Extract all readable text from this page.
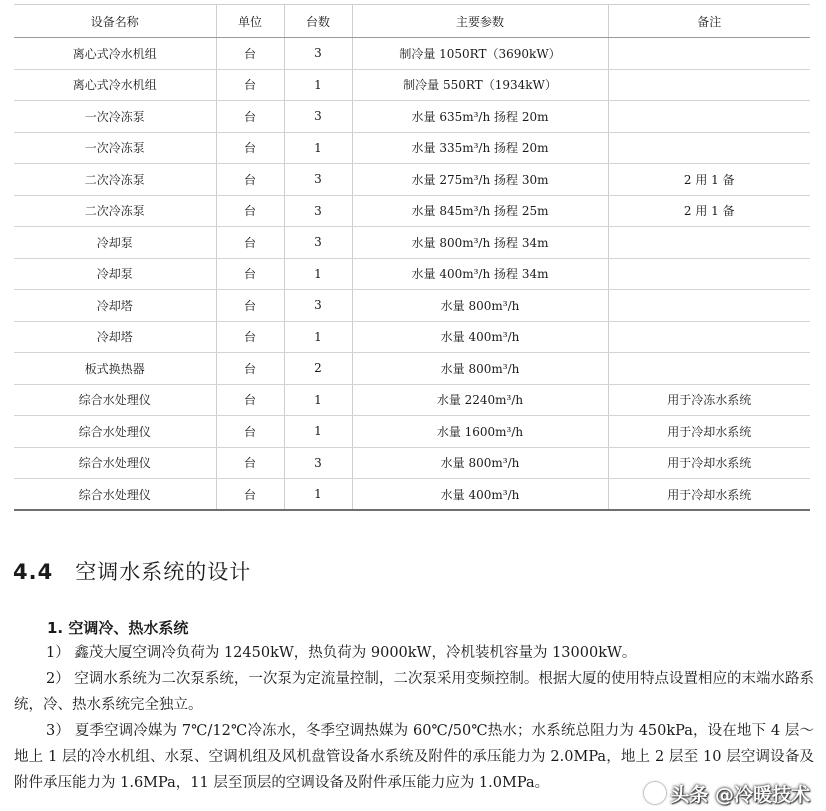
设备名称	单位	台数	主要参数	备注
离心式冷水机组	台	3	制冷量 1050RT（3690kW）	
离心式冷水机组	台	1	制冷量 550RT（1934kW）	
一次冷冻泵	台	3	水量 635m³/h 扬程 20m	
一次冷冻泵	台	1	水量 335m³/h 扬程 20m	
二次冷冻泵	台	3	水量 275m³/h 扬程 30m	2 用 1 备
二次冷冻泵	台	3	水量 845m³/h 扬程 25m	2 用 1 备
冷却泵	台	3	水量 800m³/h 扬程 34m	
冷却泵	台	1	水量 400m³/h 扬程 34m	
冷却塔	台	3	水量 800m³/h	
冷却塔	台	1	水量 400m³/h	
板式换热器	台	2	水量 800m³/h	
综合水处理仪	台	1	水量 2240m³/h	用于冷冻水系统
综合水处理仪	台	1	水量 1600m³/h	用于冷却水系统
综合水处理仪	台	3	水量 800m³/h	用于冷却水系统
综合水处理仪	台	1	水量 400m³/h	用于冷却水系统
4.4 空调水系统的设计
1. 空调冷、热水系统

1） 鑫茂大厦空调冷负荷为 12450kW，热负荷为 9000kW，冷机装机容量为 13000kW。

2） 空调水系统为二次泵系统，一次泵为定流量控制，二次泵采用变频控制。根据大厦的使用特点设置相应的末端水路系统，冷、热水系统完全独立。

3） 夏季空调冷媒为 7℃/12℃冷冻水，冬季空调热媒为 60℃/50℃热水；水系统总阻力为 450kPa，设在地下 4 层～地上 1 层的冷水机组、水泵、空调机组及风机盘管设备水系统及附件的承压能力为 2.0MPa，地上 2 层至 10 层空调设备及附件承压能力为 1.6MPa，11 层至顶层的空调设备及附件承压能力应为 1.0MPa。

头条 @冷暖技术
